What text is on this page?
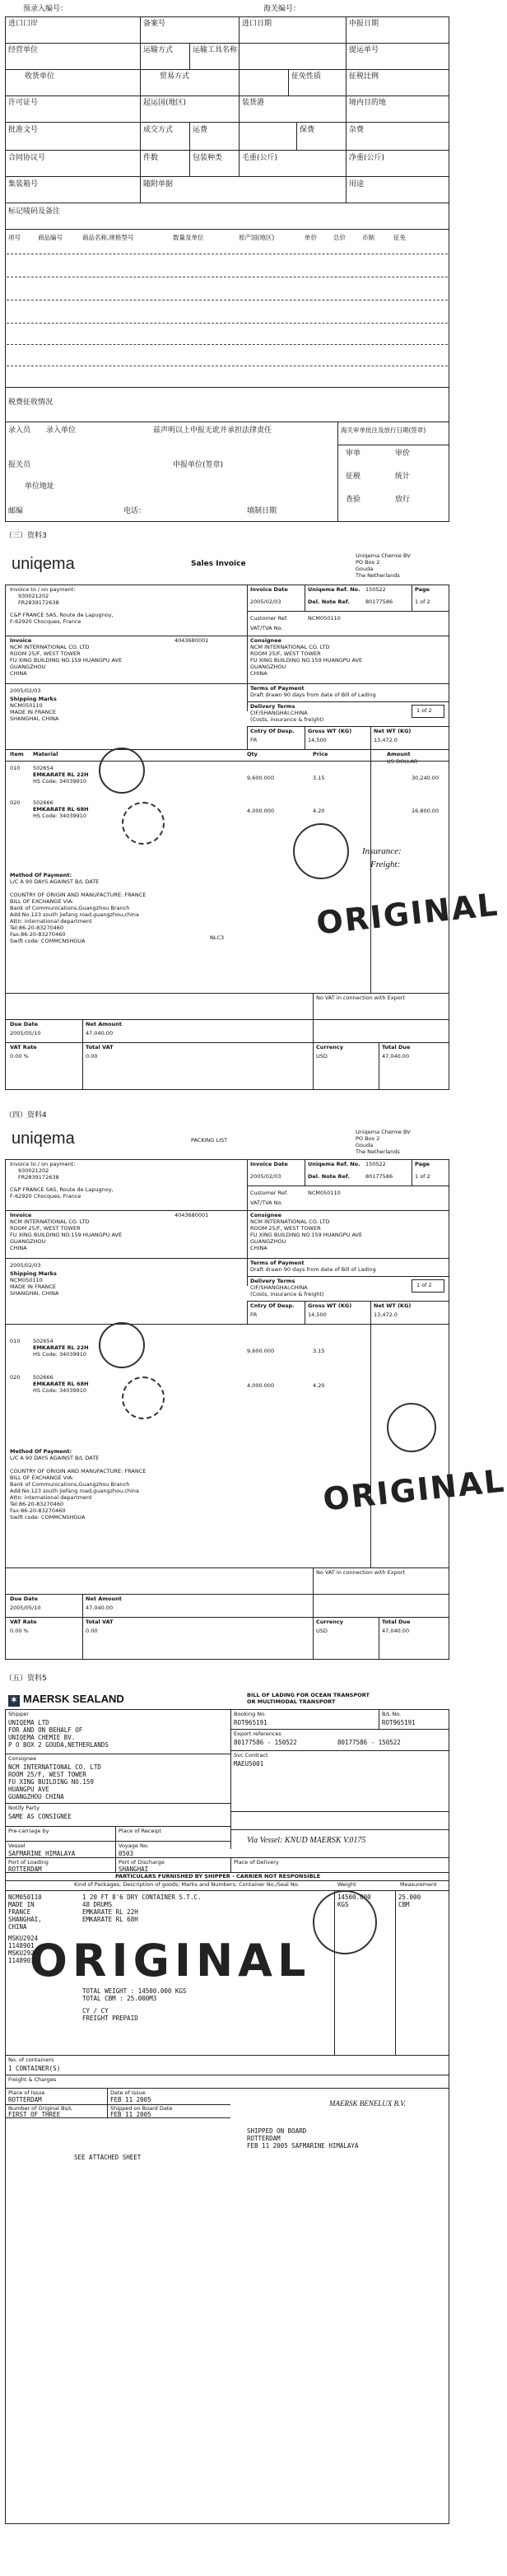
预录入编号：	海关编号：
进口口岸	备案号	进口日期	申报日期
经营单位	运输方式	运输工具名称	提运单号
收货单位	贸易方式	征免性质	征税比例
许可证号	起运国(地区)	装货港	境内目的地
批准文号	成交方式	运费	保费	杂费
合同协议号	件数	包装种类	毛重(公斤)	净重(公斤)
集装箱号	随附单据	用途
标记唛码及备注
项号	商品编号	商品名称,规格型号	数量及单位	原产国(地区)	单价	总价	币制	征免
税费征收情况
录入员 录入单位	兹声明以上申报无讹并承担法律责任	海关审单批注及放行日期(签章)
审单	审价
报关员	申报单位(签章)
征税	统计
单位地址
查验	放行
邮编	电话：	填制日期
（三）资料3
uniqema	Sales Invoice
Uniqema Chemie BV
PO Box 2
Gouda
The Netherlands
Invoice to / on payment:
930021202
FR2839172638
Invoice Date
2005/02/03
Uniqema Ref. No. 150522
Del. Note Ref.	80177586
Page
1 of 2
C&P FRANCE SAS, Route de Lapugnoy,
F-62920 Chocques, France	Customer Ref.	NCM050110
VAT/TVA No.
Invoice	4043680001	Consignee
NCM INTERNATIONAL CO. LTD
ROOM 25/F, WEST TOWER
FU XING BUILDING NO.159 HUANGPU AVE
GUANGZHOU
CHINA
NCM INTERNATIONAL CO. LTD
ROOM 25/F, WEST TOWER
FU XING BUILDING NO.159 HUANGPU AVE
GUANGZHOU
CHINA
2005/02/03
Shipping Marks
NCM050110
MADE IN FRANCE
SHANGHAI, CHINA
Terms of Payment
Draft drawn 90 days from date of Bill of Lading
Delivery Terms
CIF/SHANGHAI,CHINA
(Costs, insurance & freight)
1 of 2
Cntry Of Desp.
FR
Gross WT (KG)
14,500
Net WT (KG)
13,472.0
Item Material	Qty	Price	Amount
US DOLLAR
010 502654
EMKARATE RL 22H
HS Code: 34039910	9,600.000	3.15	30,240.00
020 502666
EMKARATE RL 68H
HS Code: 34039910
4,000.000	4.20	16,800.00
Method Of Payment:
L/C A 90 DAYS AGAINST B/L DATE
COUNTRY OF ORIGIN AND MANUFACTURE: FRANCE
BILL OF EXCHANGE VIA:
Bank of Communications,Guangzhou Branch
Add:No.123 south jiefang road,guangzhou,china
Attn: international department
Tel:86-20-83270460
Fax:86-20-83270460
Swift code: COMMCNSHGUA	NLC3
Insurance:
Freight:
ORIGINAL
No VAT in connection with Export
Due Date
2005/05/10
Net Amount
47,040.00
VAT Rate
0.00 %
Total VAT
0.00
Currency
USD
Total Due
47,040.00
（四）资料4
uniqema	PACKING LIST
Uniqema Chemie BV
PO Box 2
Gouda
The Netherlands
Invoice to / on payment:
930021202
FR2839172638
Invoice Date
2005/02/03
Uniqema Ref. No. 150522
Del. Note Ref.	80177586
Page
1 of 2
C&P FRANCE SAS, Route de Lapugnoy,
F-62920 Chocques, France	Customer Ref.	NCM050110
VAT/TVA No.
Invoice	4043680001	Consignee
NCM INTERNATIONAL CO. LTD
ROOM 25/F, WEST TOWER
FU XING BUILDING NO.159 HUANGPU AVE
GUANGZHOU
CHINA
NCM INTERNATIONAL CO. LTD
ROOM 25/F, WEST TOWER
FU XING BUILDING NO.159 HUANGPU AVE
GUANGZHOU
CHINA
2005/02/03
Shipping Marks
NCM050110
MADE IN FRANCE
SHANGHAI, CHINA
Terms of Payment
Draft drawn 90 days from date of Bill of Lading
Delivery Terms
CIF/SHANGHAI,CHINA
(Costs, insurance & freight)
1 of 2
Cntry Of Desp.
FR
Gross WT (KG)
14,500
Net WT (KG)
13,472.0
010 502654
EMKARATE RL 22H
HS Code: 34039910	9,600.000	3.15
020 502666
EMKARATE RL 68H
HS Code: 34039910
4,000.000	4.20
Method Of Payment:
L/C A 90 DAYS AGAINST B/L DATE
COUNTRY OF ORIGIN AND MANUFACTURE: FRANCE
BILL OF EXCHANGE VIA:
Bank of Communications,Guangzhou Branch
Add:No.123 south jiefang road,guangzhou,china
Attn: international department
Tel:86-20-83270460
Fax:86-20-83270460
Swift code: COMMCNSHGUA	ORIGINAL
No VAT in connection with Export
Due Date
2005/05/10
Net Amount
47,040.00
VAT Rate
0.00 %
Total VAT
0.00
Currency
USD
Total Due
47,040.00
（五）资料5
✶ MAERSK SEALAND	BILL OF LADING FOR OCEAN TRANSPORT
OR MULTIMODAL TRANSPORT
Shipper
UNIQEMA LTD
FOR AND ON BEHALF OF
UNIQEMA CHEMIE BV.
P O BOX 2 GOUDA,NETHERLANDS
Booking No.
ROT965191
B/L No.
ROT965191
Export references
80177586 - 150522	80177586 - 150522
Svc Contract
MAEU5001
Consignee
NCM INTERNATIONAL CO. LTD
ROOM 25/F, WEST TOWER
FU XING BUILDING NO.159
HUANGPU AVE
GUANGZHOU CHINA
Notify Party
SAME AS CONSIGNEE
Pre-carriage by	Place of Receipt
Vessel
SAFMARINE HIMALAYA
Voyage No.
0503
Port of Loading
ROTTERDAM
Port of Discharge
SHANGHAI
Place of Delivery
Via Vessel: KNUD MAERSK V.0175
PARTICULARS FURNISHED BY SHIPPER - CARRIER NOT RESPONSIBLE
Kind of Packages; Description of goods; Marks and Numbers; Container No./Seal No.	Weight	Measurement
NCM050110
MADE IN
FRANCE
SHANGHAI,
CHINA
MSKU2924
1148901
MSKU2924
1148901
1 20 FT 8'6 DRY CONTAINER S.T.C.
48 DRUMS
EMKARATE RL 22H
EMKARATE RL 68H
14500.000
KGS
25.000
CBM
ORIGINAL
TOTAL WEIGHT : 14500.000 KGS
TOTAL CBM : 25.000M3
CY / CY
FREIGHT PREPAID
No. of containers
1 CONTAINER(S)
Freight & Charges
Place of Issue
ROTTERDAM
Date of Issue
FEB 11 2005
Number of Original Bs/L
FIRST OF THREE
Shipped on Board Date
FEB 11 2005
MAERSK BENELUX B.V.
SHIPPED ON BOARD
ROTTERDAM
FEB 11 2005 SAFMARINE HIMALAYA
SEE ATTACHED SHEET
